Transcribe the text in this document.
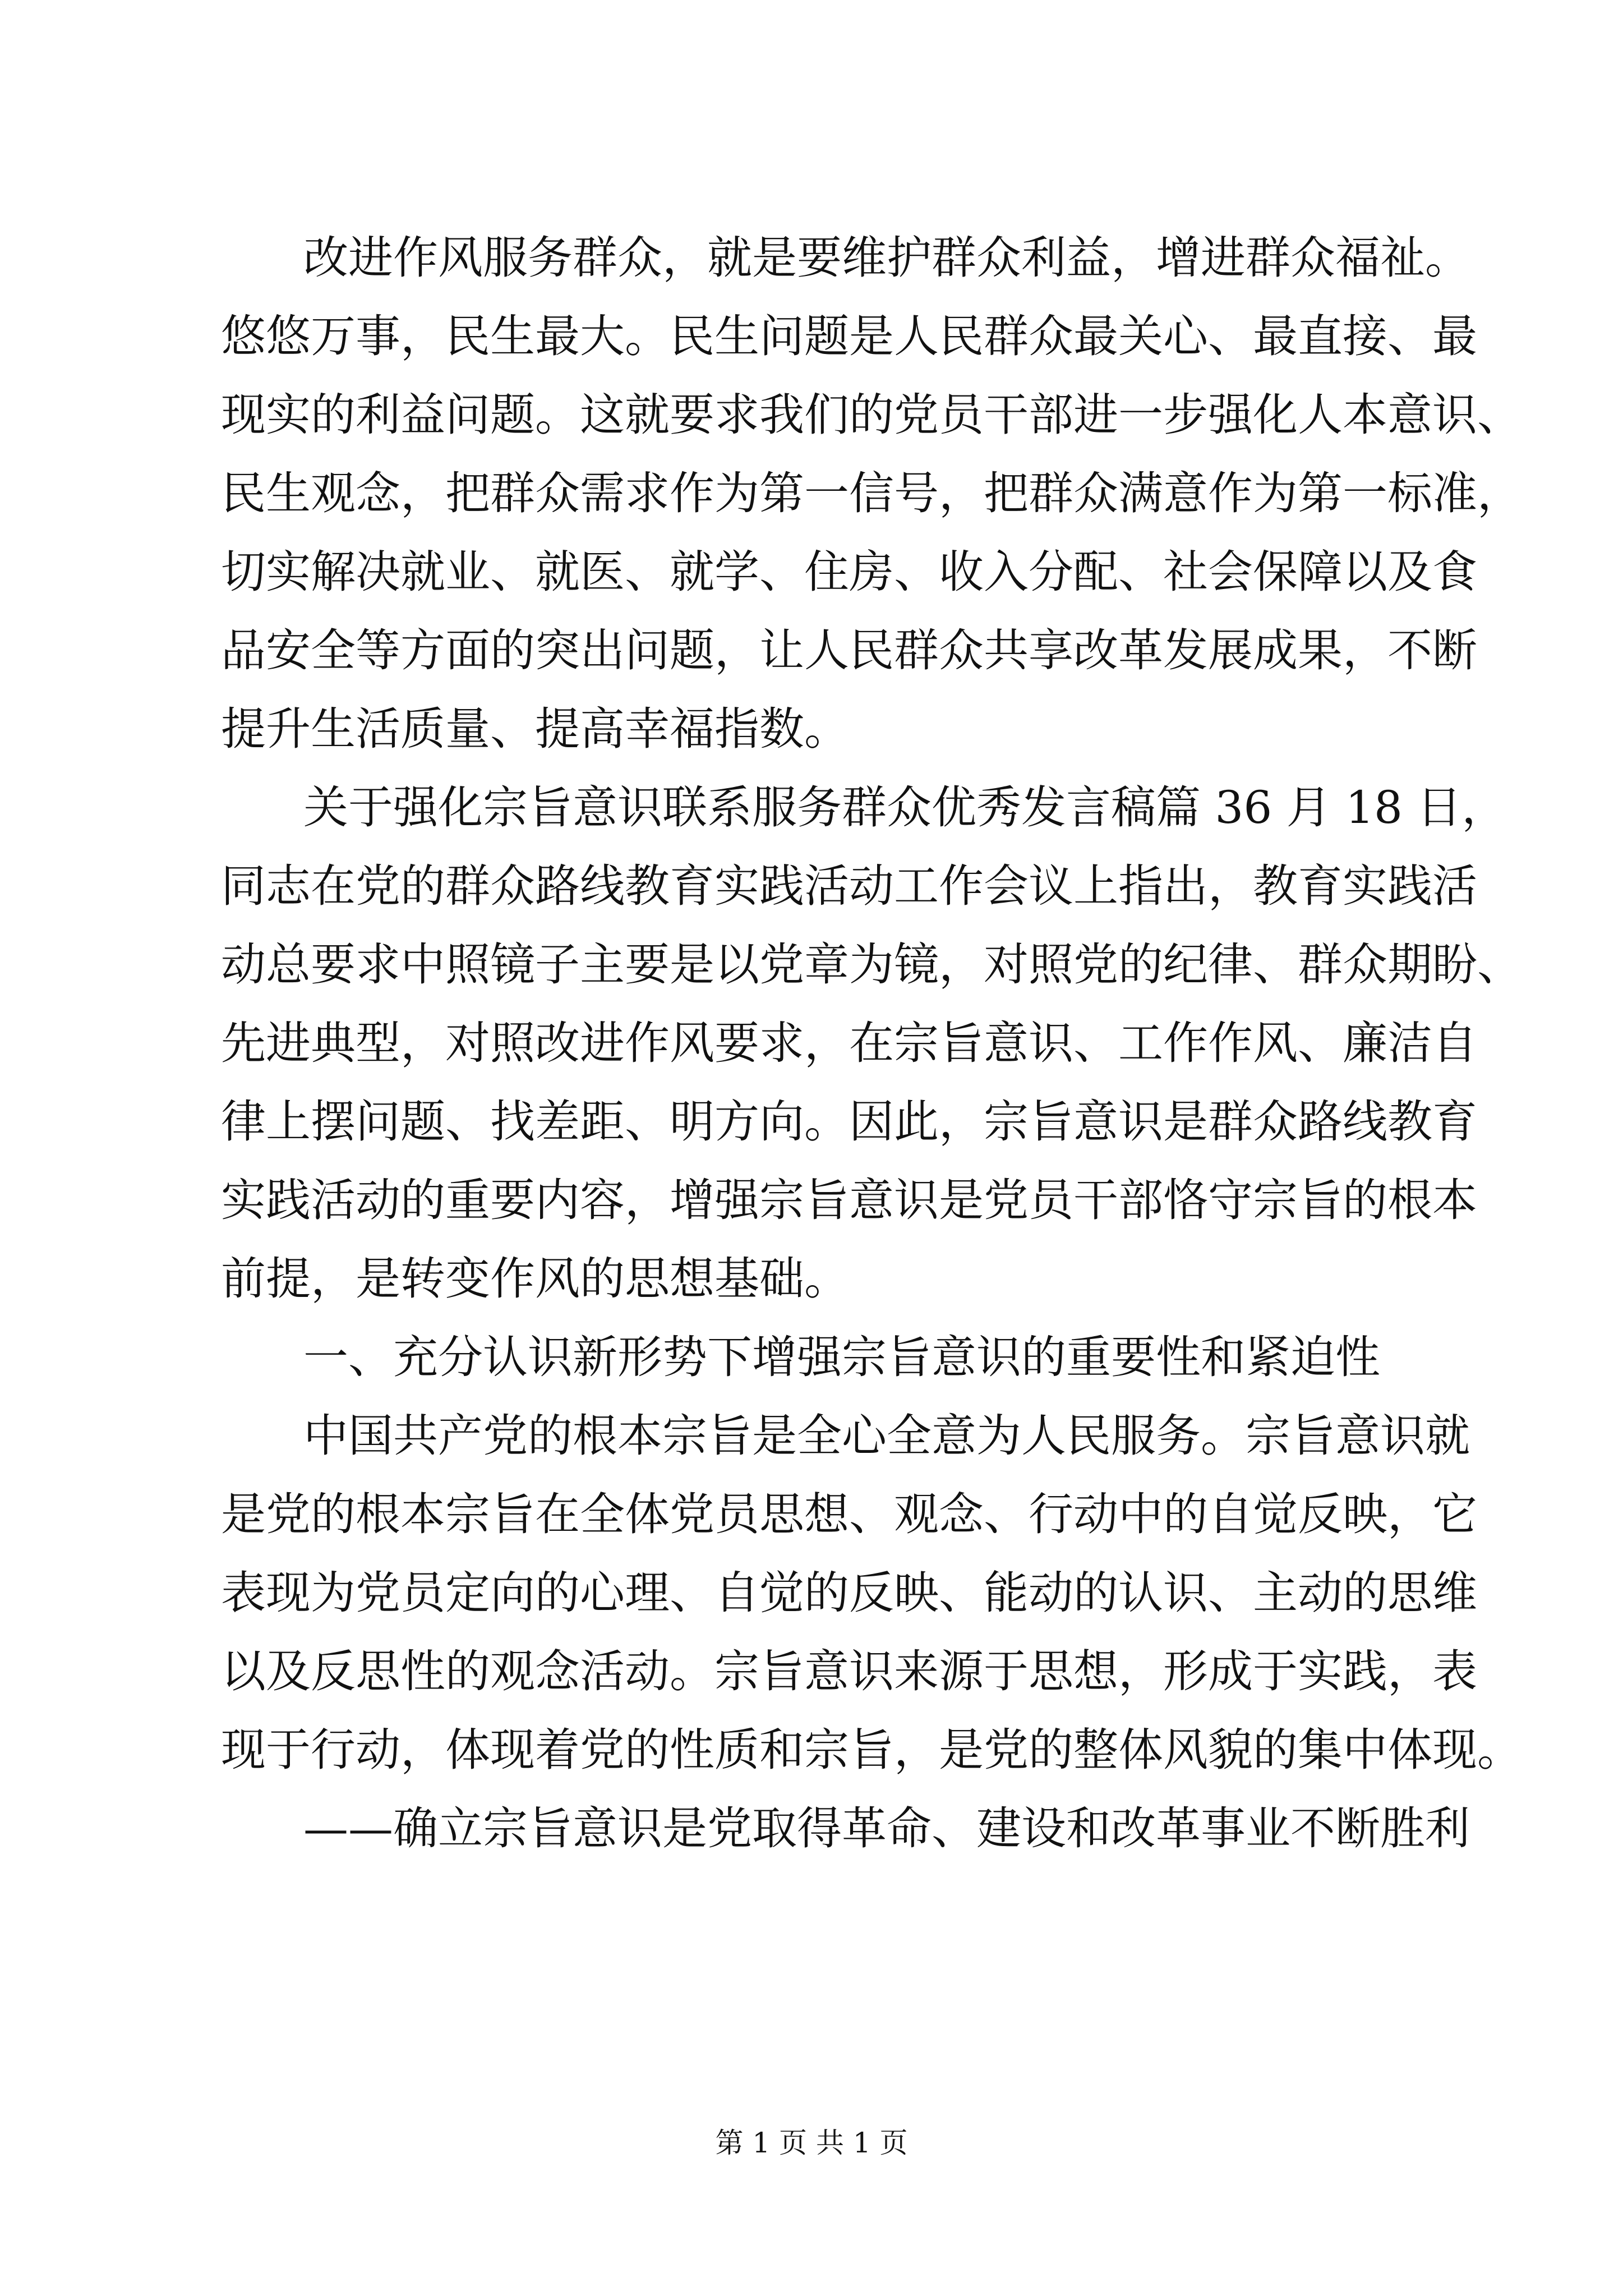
改进作风服务群众，就是要维护群众利益，增进群众福祉。
悠悠万事，民生最大。民生问题是人民群众最关心、最直接、最
现实的利益问题。这就要求我们的党员干部进一步强化人本意识、
民生观念，把群众需求作为第一信号，把群众满意作为第一标准，
切实解决就业、就医、就学、住房、收入分配、社会保障以及食
品安全等方面的突出问题，让人民群众共享改革发展成果，不断
提升生活质量、提高幸福指数。
关于强化宗旨意识联系服务群众优秀发言稿篇 36 月 18 日，
同志在党的群众路线教育实践活动工作会议上指出，教育实践活
动总要求中照镜子主要是以党章为镜，对照党的纪律、群众期盼、
先进典型，对照改进作风要求，在宗旨意识、工作作风、廉洁自
律上摆问题、找差距、明方向。因此，宗旨意识是群众路线教育
实践活动的重要内容，增强宗旨意识是党员干部恪守宗旨的根本
前提，是转变作风的思想基础。
一、充分认识新形势下增强宗旨意识的重要性和紧迫性
中国共产党的根本宗旨是全心全意为人民服务。宗旨意识就
是党的根本宗旨在全体党员思想、观念、行动中的自觉反映，它
表现为党员定向的心理、自觉的反映、能动的认识、主动的思维
以及反思性的观念活动。宗旨意识来源于思想，形成于实践，表
现于行动，体现着党的性质和宗旨，是党的整体风貌的集中体现。
——确立宗旨意识是党取得革命、建设和改革事业不断胜利
第 1 页 共 1 页
